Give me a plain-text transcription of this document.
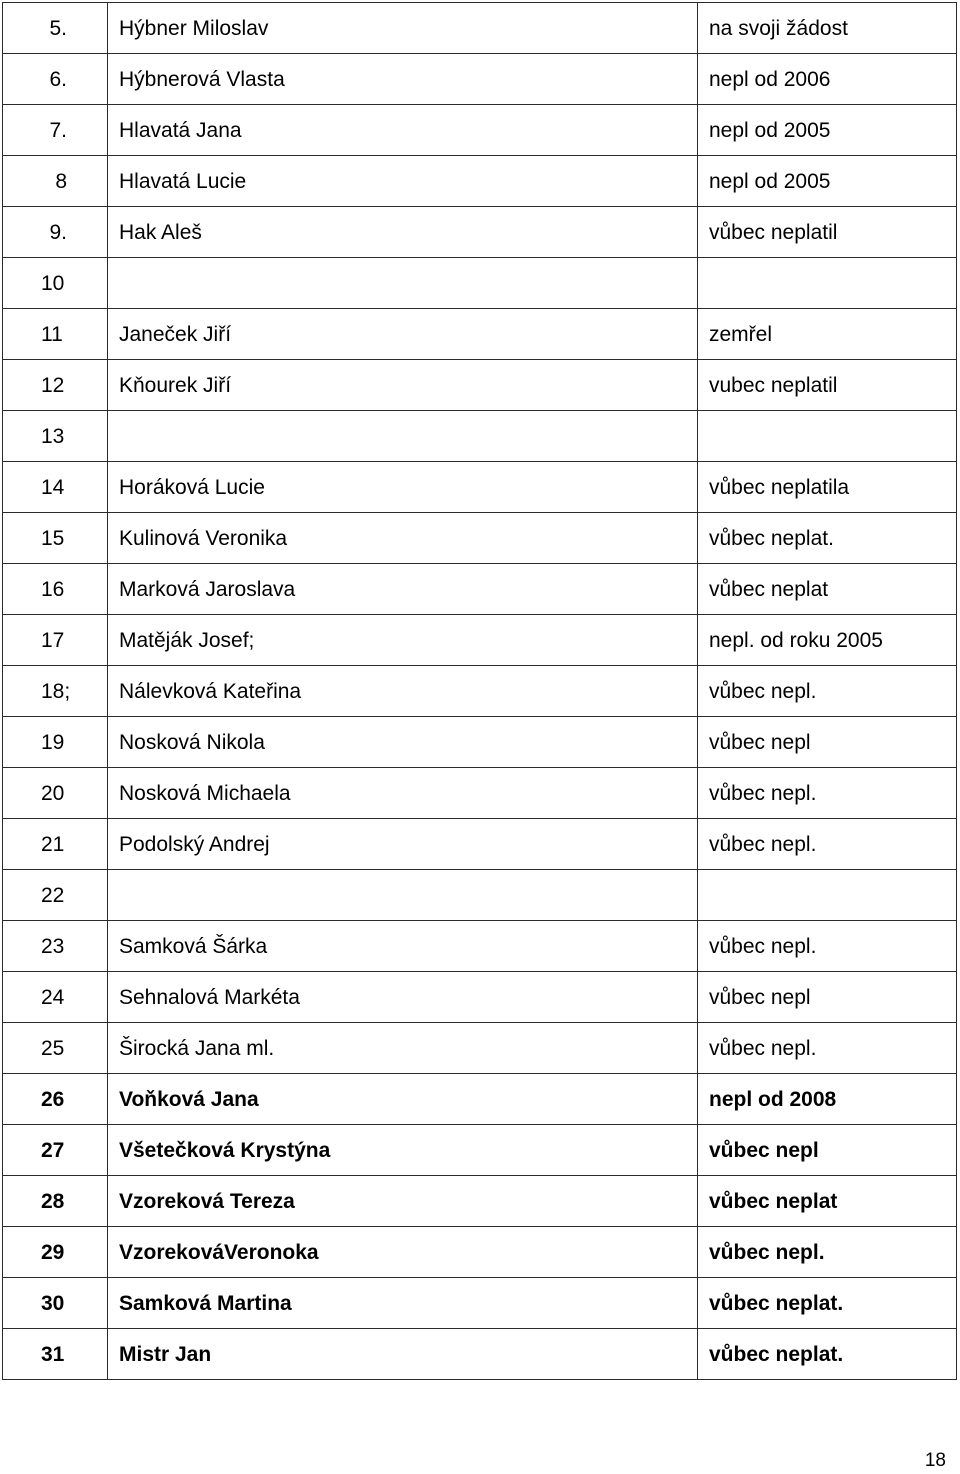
5.	Hýbner Miloslav	na svoji žádost
6.	Hýbnerová Vlasta	nepl od 2006
7.	Hlavatá Jana	nepl od 2005
8	Hlavatá Lucie	nepl od 2005
9.	Hak Aleš	vůbec neplatil
10		
11	Janeček Jiří	zemřel
12	Kňourek Jiří	vubec neplatil
13		
14	Horáková Lucie	vůbec neplatila
15	Kulinová Veronika	vůbec neplat.
16	Marková Jaroslava	vůbec neplat
17	Matěják Josef;	nepl. od roku 2005
18;	Nálevková Kateřina	vůbec nepl.
19	Nosková Nikola	vůbec nepl
20	Nosková Michaela	vůbec nepl.
21	Podolský Andrej	vůbec nepl.
22		
23	Samková Šárka	vůbec nepl.
24	Sehnalová Markéta	vůbec nepl
25	Širocká Jana ml.	vůbec nepl.
26	Voňková Jana	nepl od 2008
27	Všetečková Krystýna	vůbec nepl
28	Vzoreková Tereza	vůbec neplat
29	VzorekováVeronoka	vůbec nepl.
30	Samková Martina	vůbec neplat.
31	Mistr Jan	vůbec neplat.
18
